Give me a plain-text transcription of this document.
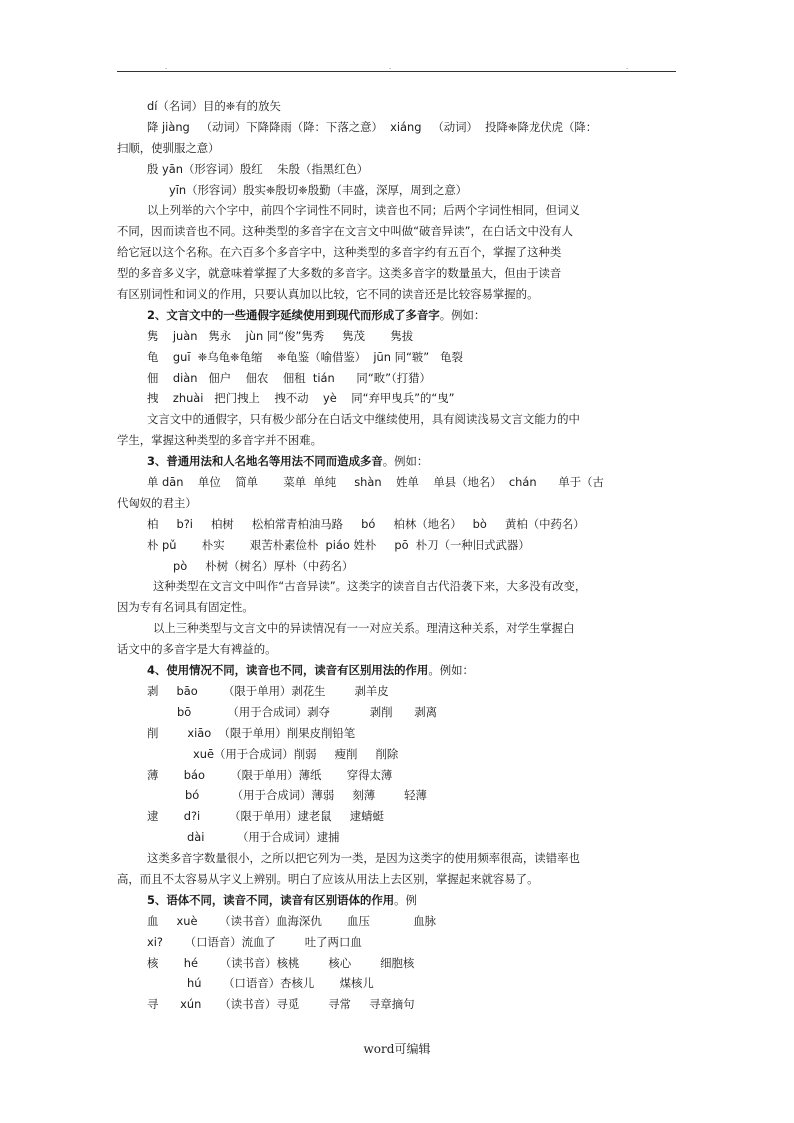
.	.	.
dí（名词）目的❈有的放矢
降 jiàng   （动词）下降降雨（降：下落之意）  xiáng   （动词）  投降❈降龙伏虎（降：
扫顺，使驯服之意）
殷 yān（形容词）殷红    朱殷（指黑红色）
yīn（形容词）殷实❈殷切❈殷勤（丰盛，深厚，周到之意）
以上列举的六个字中，前四个字词性不同时，读音也不同；后两个字词性相同，但词义
不同，因而读音也不同。这种类型的多音字在文言文中叫做“破音异读”，在白话文中没有人
给它冠以这个名称。在六百多个多音字中，这种类型的多音字约有五百个，掌握了这种类
型的多音多义字，就意味着掌握了大多数的多音字。这类多音字的数量虽大，但由于读音
有区别词性和词义的作用，只要认真加以比较，它不同的读音还是比较容易掌握的。
2、文言文中的一些通假字延续使用到现代而形成了多音字。例如：
隽    juàn   隽永    jùn 同“俊”隽秀     隽茂       隽拔
龟    guī  ❈乌龟❈龟缩    ❈龟鉴（喻借鉴）  jūn 同“皲”   龟裂
佃    diàn   佃户    佃农    佃租  tián      同“畋”（打猎）
拽    zhuài   把门拽上    拽不动    yè    同“弃甲曳兵”的“曳”
文言文中的通假字，只有极少部分在白话文中继续使用，具有阅读浅易文言文能力的中
学生，掌握这种类型的多音字并不困难。
3、普通用法和人名地名等用法不同而造成多音。例如：
单 dān    单位    简单       菜单  单纯     shàn    姓单    单县（地名）  chán      单于（古
代匈奴的君主）
柏     b?i     柏树     松柏常青柏油马路     bó     柏林（地名）   bò     黄柏（中药名）
朴 pǔ       朴实       艰苦朴素俭朴  piáo 姓朴     pō  朴刀（一种旧式武器）
pò     朴树（树名）厚朴（中药名）
这种类型在文言文中叫作“古音异读”。这类字的读音自古代沿袭下来，大多没有改变，
因为专有名词具有固定性。
以上三种类型与文言文中的异读情况有一一对应关系。理清这种关系，对学生掌握白
话文中的多音字是大有裨益的。
4、使用情况不同，读音也不同，读音有区别用法的作用。例如：
剥     bāo       （限于单用）剥花生        剥羊皮
bō          （用于合成词）剥夺           剥削      剥离
削        xiāo  （限于单用）削果皮削铅笔
xuē（用于合成词）削弱     瘦削     削除
薄       báo       （限于单用）薄纸       穿得太薄
bó         （用于合成词）薄弱     刻薄        轻薄
逮       d?i        （限于单用）逮老鼠     逮蜻蜓
dài         （用于合成词）逮捕
这类多音字数量很小，之所以把它列为一类，是因为这类字的使用频率很高，读错率也
高，而且不太容易从字义上辨别。明白了应该从用法上去区别，掌握起来就容易了。
5、语体不同，读音不同，读音有区别语体的作用。例
血     xuè      （读书音）血海深仇       血压            血脉
xi?      （口语音）流血了        吐了两口血
核       hé      （读书音）核桃        核心        细胞核
hú      （口语音）杏核儿       煤核儿
寻      xún     （读书音）寻觅        寻常     寻章摘句
word可编辑
